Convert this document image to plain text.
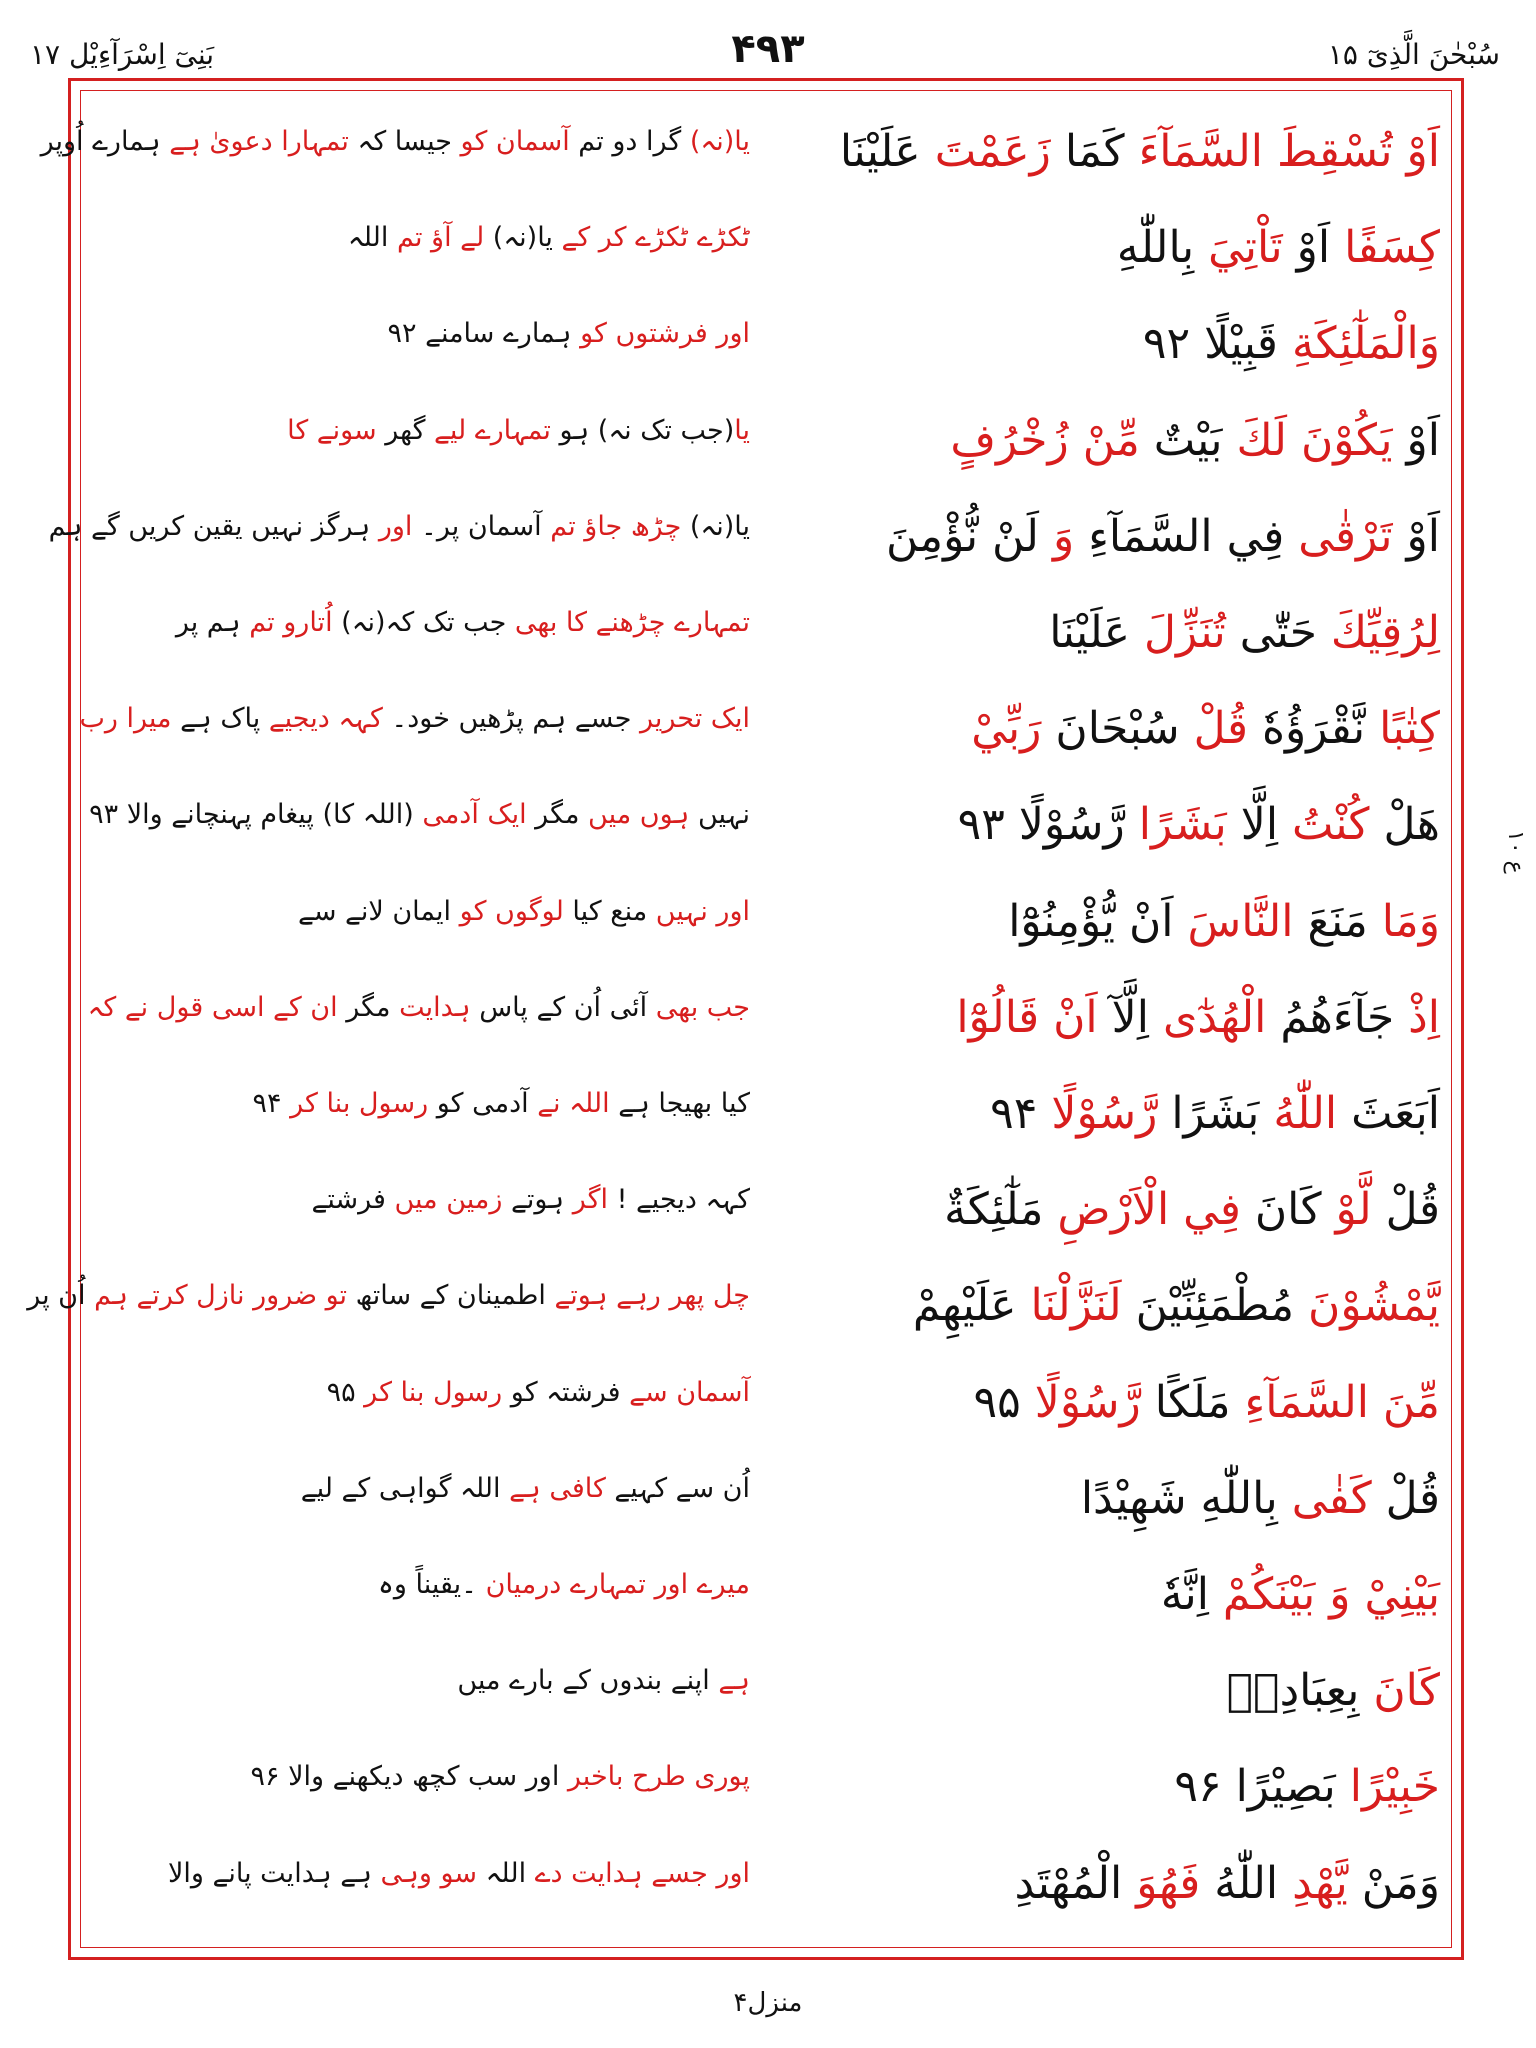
بَنِیٓ اِسْرَآءِیْل ۱۷	۴۹۳	سُبْحٰنَ الَّذِیٓ ۱۵
یا(نہ) گرا دو تم آسمان کو جیسا کہ تمہارا دعویٰ ہے ہمارے اُوپر
ٹکڑے ٹکڑے کر کے یا(نہ) لے آؤ تم اللہ
اور فرشتوں کو ہمارے سامنے ۹۲
یا(جب تک نہ) ہو تمہارے لیے گھر سونے کا
یا(نہ) چڑھ جاؤ تم آسمان پر۔ اور ہرگز نہیں یقین کریں گے ہم
تمہارے چڑھنے کا بھی جب تک کہ(نہ) اُتارو تم ہم پر
ایک تحریر جسے ہم پڑھیں خود۔ کہہ دیجیے پاک ہے میرا رب
نہیں ہوں میں مگر ایک آدمی (اللہ کا) پیغام پہنچانے والا ۹۳
اور نہیں منع کیا لوگوں کو ایمان لانے سے
جب بھی آئی اُن کے پاس ہدایت مگر ان کے اسی قول نے کہ
کیا بھیجا ہے اللہ نے آدمی کو رسول بنا کر ۹۴
کہہ دیجیے ! اگر ہوتے زمین میں فرشتے
چل پھر رہے ہوتے اطمینان کے ساتھ تو ضرور نازل کرتے ہم اُن پر
آسمان سے فرشتہ کو رسول بنا کر ۹۵
اُن سے کہیے کافی ہے اللہ گواہی کے لیے
میرے اور تمہارے درمیان ۔یقیناً وہ
ہے اپنے بندوں کے بارے میں
پوری طرح باخبر اور سب کچھ دیکھنے والا ۹۶
اور جسے ہدایت دے اللہ سو وہی ہے ہدایت پانے والا
اَوْ تُسْقِطَ السَّمَآءَ كَمَا زَعَمْتَ عَلَيْنَا
كِسَفًا اَوْ تَاْتِيَ بِاللّٰهِ
وَالْمَلٰٓئِكَةِ قَبِيْلًا ۹۲
اَوْ يَكُوْنَ لَكَ بَيْتٌ مِّنْ زُخْرُفٍ
اَوْ تَرْقٰى فِي السَّمَآءِ وَ لَنْ نُّؤْمِنَ
لِرُقِيِّكَ حَتّٰى تُنَزِّلَ عَلَيْنَا
كِتٰبًا نَّقْرَؤُهٗ قُلْ سُبْحَانَ رَبِّيْ
هَلْ كُنْتُ اِلَّا بَشَرًا رَّسُوْلًا ۹۳
وَمَا مَنَعَ النَّاسَ اَنْ يُّؤْمِنُوْٓا
اِذْ جَآءَهُمُ الْهُدٰٓى اِلَّآ اَنْ قَالُوْٓا
اَبَعَثَ اللّٰهُ بَشَرًا رَّسُوْلًا ۹۴
قُلْ لَّوْ كَانَ فِي الْاَرْضِ مَلٰٓئِكَةٌ
يَّمْشُوْنَ مُطْمَئِنِّيْنَ لَنَزَّلْنَا عَلَيْهِمْ
مِّنَ السَّمَآءِ مَلَكًا رَّسُوْلًا ۹۵
قُلْ كَفٰى بِاللّٰهِ شَهِيْدًا
بَيْنِيْ وَ بَيْنَكُمْ اِنَّهٗ
كَانَ بِعِبَادِهٖ
خَبِيْرًا بَصِيْرًا ۹۶
وَمَنْ يَّهْدِ اللّٰهُ فَهُوَ الْمُهْتَدِ
ع ۱۰
منزل۴
